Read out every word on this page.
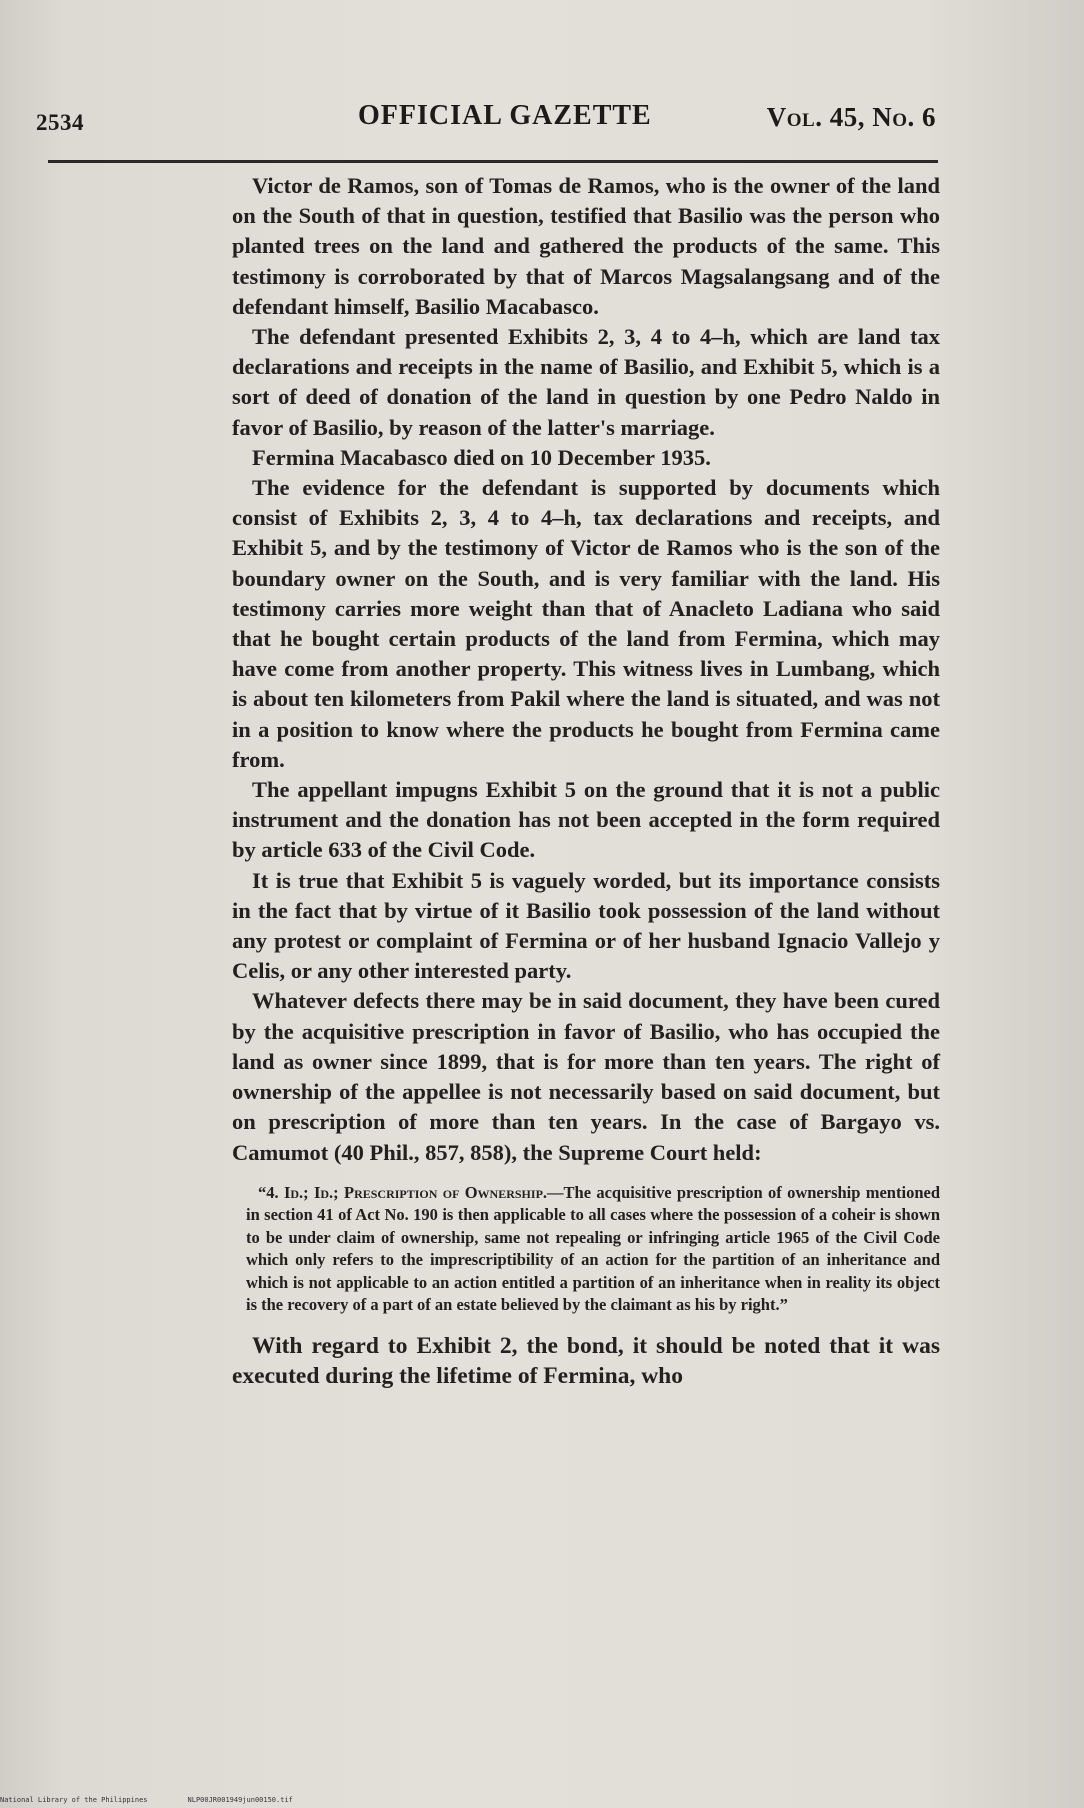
2534	OFFICIAL GAZETTE	Vol. 45, No. 6

Victor de Ramos, son of Tomas de Ramos, who is the owner of the land on the South of that in question, testified that Basilio was the person who planted trees on the land and gathered the products of the same. This testimony is corroborated by that of Marcos Magsalangsang and of the defendant himself, Basilio Macabasco.

The defendant presented Exhibits 2, 3, 4 to 4–h, which are land tax declarations and receipts in the name of Basilio, and Exhibit 5, which is a sort of deed of donation of the land in question by one Pedro Naldo in favor of Basilio, by reason of the latter's marriage.

Fermina Macabasco died on 10 December 1935.

The evidence for the defendant is supported by documents which consist of Exhibits 2, 3, 4 to 4–h, tax declarations and receipts, and Exhibit 5, and by the testimony of Victor de Ramos who is the son of the boundary owner on the South, and is very familiar with the land. His testimony carries more weight than that of Anacleto Ladiana who said that he bought certain products of the land from Fermina, which may have come from another property. This witness lives in Lumbang, which is about ten kilometers from Pakil where the land is situated, and was not in a position to know where the products he bought from Fermina came from.

The appellant impugns Exhibit 5 on the ground that it is not a public instrument and the donation has not been accepted in the form required by article 633 of the Civil Code.

It is true that Exhibit 5 is vaguely worded, but its importance consists in the fact that by virtue of it Basilio took possession of the land without any protest or complaint of Fermina or of her husband Ignacio Vallejo y Celis, or any other interested party.

Whatever defects there may be in said document, they have been cured by the acquisitive prescription in favor of Basilio, who has occupied the land as owner since 1899, that is for more than ten years. The right of ownership of the appellee is not necessarily based on said document, but on prescription of more than ten years. In the case of Bargayo vs. Camumot (40 Phil., 857, 858), the Supreme Court held:

“4. Id.; Id.; Prescription of Ownership.—The acquisitive prescription of ownership mentioned in section 41 of Act No. 190 is then applicable to all cases where the possession of a coheir is shown to be under claim of ownership, same not repealing or infringing article 1965 of the Civil Code which only refers to the imprescriptibility of an action for the partition of an inheritance and which is not applicable to an action entitled a partition of an inheritance when in reality its object is the recovery of a part of an estate believed by the claimant as his by right.”

With regard to Exhibit 2, the bond, it should be noted that it was executed during the lifetime of Fermina, who

National Library of the Philippines	NLP00JR001949jun00150.tif
